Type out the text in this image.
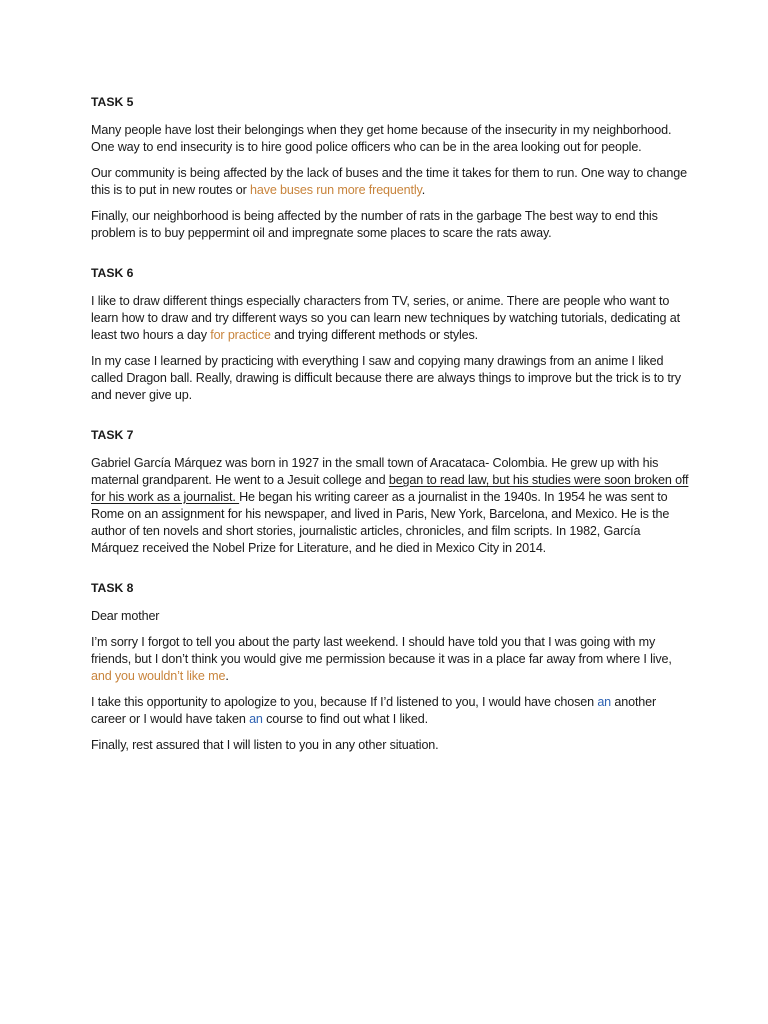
TASK 5

Many people have lost their belongings when they get home because of the insecurity in my neighborhood. One way to end insecurity is to hire good police officers who can be in the area looking out for people.

Our community is being affected by the lack of buses and the time it takes for them to run. One way to change this is to put in new routes or have buses run more frequently.

Finally, our neighborhood is being affected by the number of rats in the garbage The best way to end this problem is to buy peppermint oil and impregnate some places to scare the rats away.

TASK 6

I like to draw different things especially characters from TV, series, or anime. There are people who want to learn how to draw and try different ways so you can learn new techniques by watching tutorials, dedicating at least two hours a day for practice and trying different methods or styles.

In my case I learned by practicing with everything I saw and copying many drawings from an anime I liked called Dragon ball. Really, drawing is difficult because there are always things to improve but the trick is to try and never give up.

TASK 7

Gabriel García Márquez was born in 1927 in the small town of Aracataca- Colombia. He grew up with his maternal grandparent. He went to a Jesuit college and began to read law, but his studies were soon broken off for his work as a journalist. He began his writing career as a journalist in the 1940s. In 1954 he was sent to Rome on an assignment for his newspaper, and lived in Paris, New York, Barcelona, and Mexico. He is the author of ten novels and short stories, journalistic articles, chronicles, and film scripts. In 1982, García Márquez received the Nobel Prize for Literature, and he died in Mexico City in 2014.

TASK 8

Dear mother

I’m sorry I forgot to tell you about the party last weekend. I should have told you that I was going with my friends, but I don’t think you would give me permission because it was in a place far away from where I live, and you wouldn’t like me.

I take this opportunity to apologize to you, because If I’d listened to you, I would have chosen an another career or I would have taken an course to find out what I liked.

Finally, rest assured that I will listen to you in any other situation.
